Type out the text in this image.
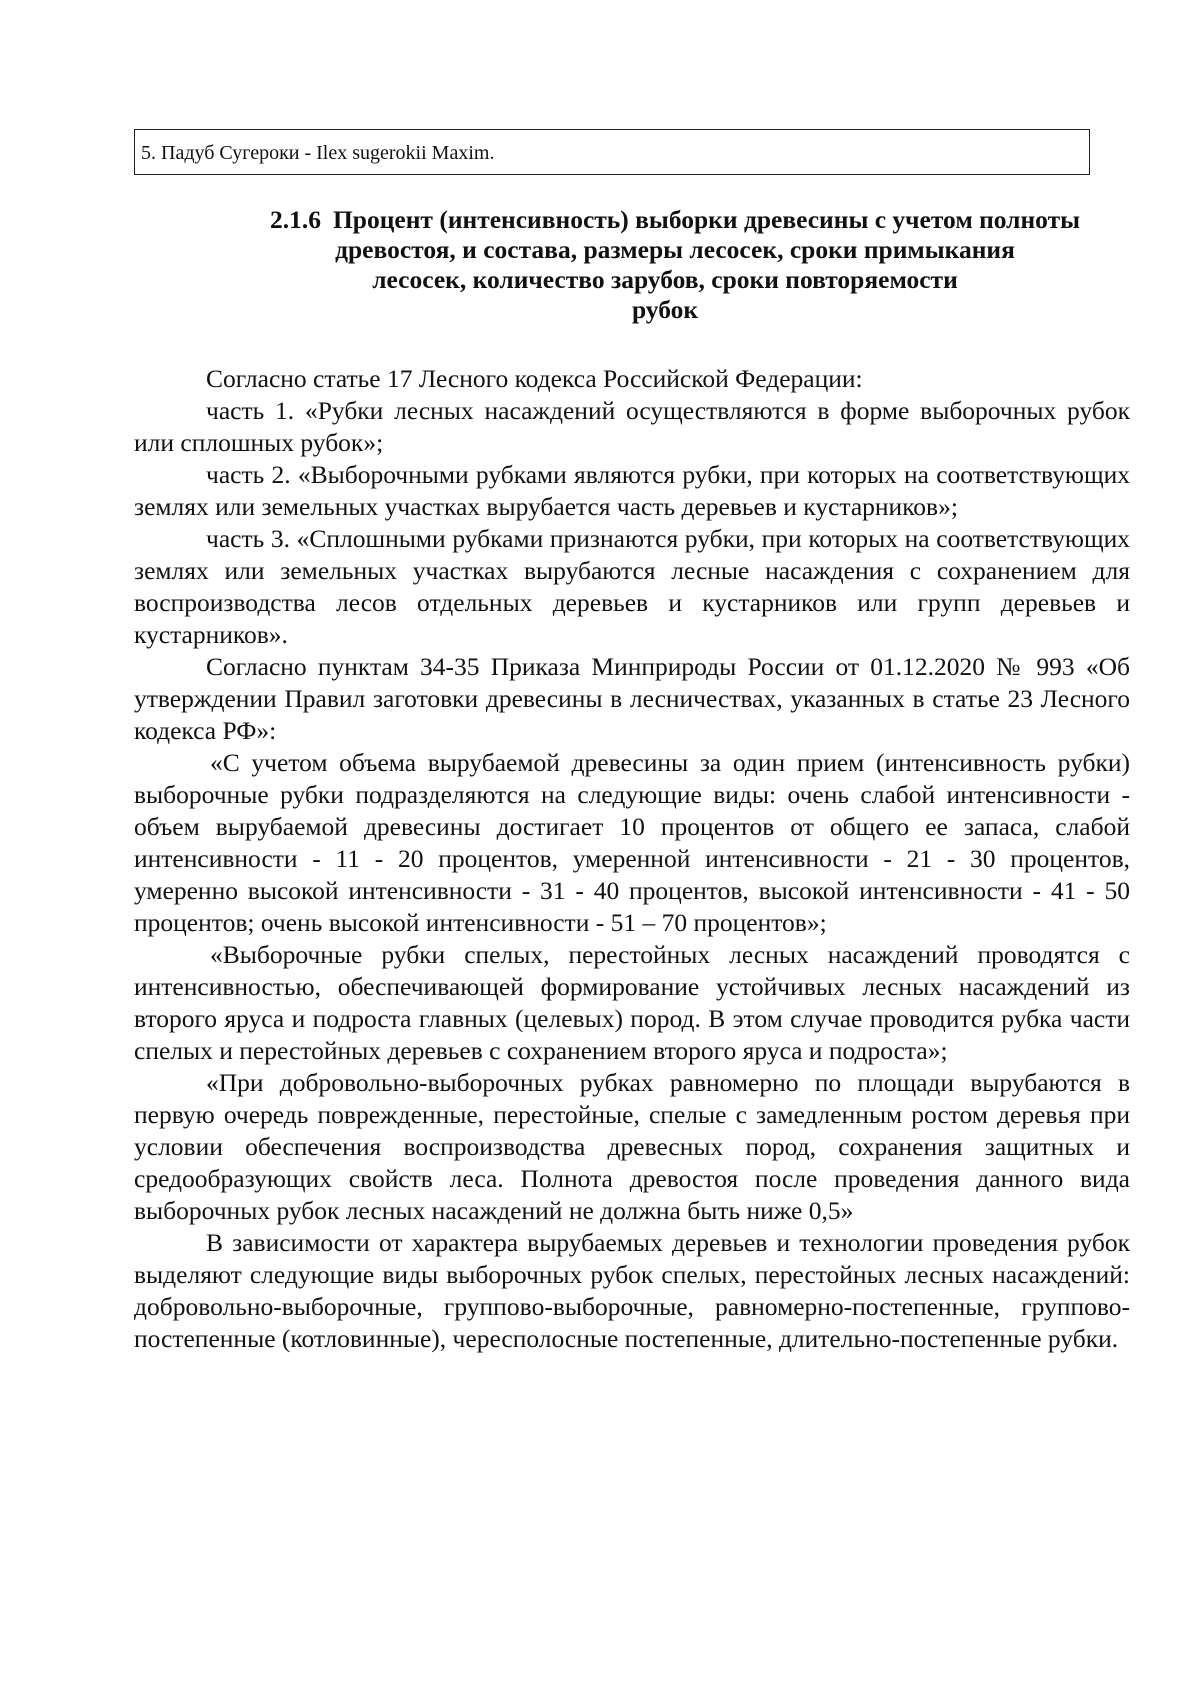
5. Падуб Сугероки - Ilex sugerokii Maxim.
2.1.6 Процент (интенсивность) выборки древесины с учетом полноты
древостоя, и состава, размеры лесосек, сроки примыкания
лесосек, количество зарубов, сроки повторяемости
рубок

Согласно статье 17 Лесного кодекса Российской Федерации:

часть 1. «Рубки лесных насаждений осуществляются в форме выборочных рубок или сплошных рубок»;

часть 2. «Выборочными рубками являются рубки, при которых на соответствующих землях или земельных участках вырубается часть деревьев и кустарников»;

часть 3. «Сплошными рубками признаются рубки, при которых на соответствующих землях или земельных участках вырубаются лесные насаждения с сохранением для воспроизводства лесов отдельных деревьев и кустарников или групп деревьев и кустарников».

Согласно пунктам 34-35 Приказа Минприроды России от 01.12.2020 № 993 «Об утверждении Правил заготовки древесины в лесничествах, указанных в статье 23 Лесного кодекса РФ»:

«С учетом объема вырубаемой древесины за один прием (интенсивность рубки) выборочные рубки подразделяются на следующие виды: очень слабой интенсивности - объем вырубаемой древесины достигает 10 процентов от общего ее запаса, слабой интенсивности - 11 - 20 процентов, умеренной интенсивности - 21 - 30 процентов, умеренно высокой интенсивности - 31 - 40 процентов, высокой интенсивности - 41 - 50 процентов; очень высокой интенсивности - 51 – 70 процентов»;

«Выборочные рубки спелых, перестойных лесных насаждений проводятся с интенсивностью, обеспечивающей формирование устойчивых лесных насаждений из второго яруса и подроста главных (целевых) пород. В этом случае проводится рубка части спелых и перестойных деревьев с сохранением второго яруса и подроста»;

«При добровольно-выборочных рубках равномерно по площади вырубаются в первую очередь поврежденные, перестойные, спелые с замедленным ростом деревья при условии обеспечения воспроизводства древесных пород, сохранения защитных и средообразующих свойств леса. Полнота древостоя после проведения данного вида выборочных рубок лесных насаждений не должна быть ниже 0,5»

В зависимости от характера вырубаемых деревьев и технологии проведения рубок выделяют следующие виды выборочных рубок спелых, перестойных лесных насаждений: добровольно-выборочные, групповo-выборочные, равномерно-постепенные, группово-постепенные (котловинные), чересполосные постепенные, длительно-постепенные рубки.
